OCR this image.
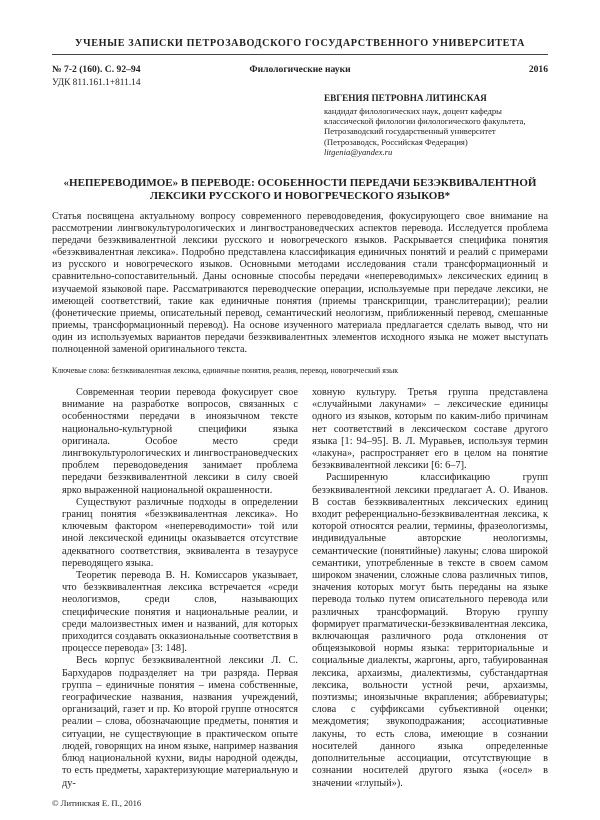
УЧЕНЫЕ ЗАПИСКИ ПЕТРОЗАВОДСКОГО ГОСУДАРСТВЕННОГО УНИВЕРСИТЕТА
№ 7-2 (160). С. 92–94	Филологические науки	2016
УДК 811.161.1+811.14
ЕВГЕНИЯ ПЕТРОВНА ЛИТИНСКАЯ
кандидат филологических наук, доцент кафедры классической филологии филологического факультета, Петрозаводский государственный университет (Петрозаводск, Российская Федерация)
litgenia@yandex.ru
«НЕПЕРЕВОДИМОЕ» В ПЕРЕВОДЕ: ОСОБЕННОСТИ ПЕРЕДАЧИ БЕЗЭКВИВАЛЕНТНОЙ ЛЕКСИКИ РУССКОГО И НОВОГРЕЧЕСКОГО ЯЗЫКОВ*

Статья посвящена актуальному вопросу современного переводоведения, фокусирующего свое внимание на рассмотрении лингвокультурологических и лингвострановедческих аспектов перевода. Исследуется проблема передачи безэквивалентной лексики русского и новогреческого языков. Раскрывается специфика понятия «безэквивалентная лексика». Подробно представлена классификация единичных понятий и реалий с примерами из русского и новогреческого языков. Основными методами исследования стали трансформационный и сравнительно-сопоставительный. Даны основные способы передачи «непереводимых» лексических единиц в изучаемой языковой паре. Рассматриваются переводческие операции, используемые при передаче лексики, не имеющей соответствий, такие как единичные понятия (приемы транскрипции, транслитерации); реалии (фонетические приемы, описательный перевод, семантический неологизм, приближенный перевод, смешанные приемы, трансформационный перевод). На основе изученного материала предлагается сделать вывод, что ни один из используемых вариантов передачи безэквивалентных элементов исходного языка не может выступать полноценной заменой оригинального текста.

Ключевые слова: безэквивалентная лексика, единичные понятия, реалия, перевод, новогреческий язык

Современная теории перевода фокусирует свое внимание на разработке вопросов, связанных с особенностями передачи в иноязычном тексте национально-культурной специфики языка оригинала. Особое место среди лингвокультурологических и лингвострановедческих проблем переводоведения занимает проблема передачи безэквивалентной лексики в силу своей ярко выраженной национальной окрашенности.

Существуют различные подходы в определении границ понятия «безэквивалентная лексика». Но ключевым фактором «непереводимости» той или иной лексической единицы оказывается отсутствие адекватного соответствия, эквивалента в тезаурусе переводящего языка.

Теоретик перевода В. Н. Комиссаров указывает, что безэквивалентная лексика встречается «среди неологизмов, среди слов, называющих специфические понятия и национальные реалии, и среди малоизвестных имен и названий, для которых приходится создавать окказиональные соответствия в процессе перевода» [3: 148].

Весь корпус безэквивалентной лексики Л. С. Бархударов подразделяет на три разряда. Первая группа – единичные понятия – имена собственные, географические названия, названия учреждений, организаций, газет и пр. Ко второй группе относятся реалии – слова, обозначающие предметы, понятия и ситуации, не существующие в практическом опыте людей, говорящих на ином языке, например названия блюд национальной кухни, виды народной одежды, то есть предметы, характеризующие материальную и ду-

ховную культуру. Третья группа представлена «случайными лакунами» – лексические единицы одного из языков, которым по каким-либо причинам нет соответствий в лексическом составе другого языка [1: 94–95]. В. Л. Муравьев, используя термин «лакуна», распространяет его в целом на понятие безэквивалентной лексики [6: 6–7].

Расширенную классификацию групп безэквивалентной лексики предлагает А. О. Иванов. В состав безэквивалентных лексических единиц входит референциально-безэквивалентная лексика, к которой относятся реалии, термины, фразеологизмы, индивидуальные авторские неологизмы, семантические (понятийные) лакуны; слова широкой семантики, употребленные в тексте в своем самом широком значении, сложные слова различных типов, значения которых могут быть переданы на языке перевода только путем описательного перевода или различных трансформаций. Вторую группу формирует прагматически-безэквивалентная лексика, включающая различного рода отклонения от общеязыковой нормы языка: территориальные и социальные диалекты, жаргоны, арго, табуированная лексика, архаизмы, диалектизмы, субстандартная лексика, вольности устной речи, архаизмы, поэтизмы; иноязычные вкрапления; аббревиатуры; слова с суффиксами субъективной оценки; междометия; звукоподражания; ассоциативные лакуны, то есть слова, имеющие в сознании носителей данного языка определенные дополнительные ассоциации, отсутствующие в сознании носителей другого языка («осел» в значении «глупый»).

© Литинская Е. П., 2016
